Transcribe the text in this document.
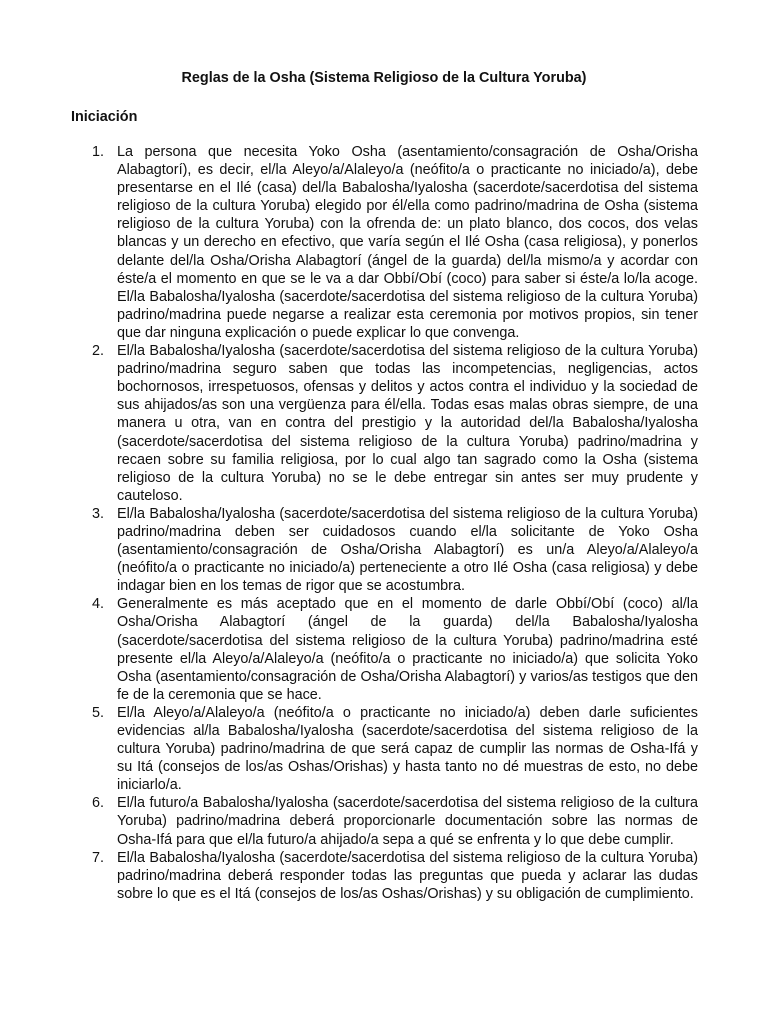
Reglas de la Osha (Sistema Religioso de la Cultura Yoruba)
Iniciación
1. La persona que necesita Yoko Osha (asentamiento/consagración de Osha/Orisha Alabagtorí), es decir, el/la Aleyo/a/Alaleyo/a (neófito/a o practicante no iniciado/a), debe presentarse en el Ilé (casa) del/la Babalosha/Iyalosha (sacerdote/sacerdotisa del sistema religioso de la cultura Yoruba) elegido por él/ella como padrino/madrina de Osha (sistema religioso de la cultura Yoruba) con la ofrenda de: un plato blanco, dos cocos, dos velas blancas y un derecho en efectivo, que varía según el Ilé Osha (casa religiosa), y ponerlos delante del/la Osha/Orisha Alabagtorí (ángel de la guarda) del/la mismo/a y acordar con éste/a el momento en que se le va a dar Obbí/Obí (coco) para saber si éste/a lo/la acoge. El/la Babalosha/Iyalosha (sacerdote/sacerdotisa del sistema religioso de la cultura Yoruba) padrino/madrina puede negarse a realizar esta ceremonia por motivos propios, sin tener que dar ninguna explicación o puede explicar lo que convenga.
2. El/la Babalosha/Iyalosha (sacerdote/sacerdotisa del sistema religioso de la cultura Yoruba) padrino/madrina seguro saben que todas las incompetencias, negligencias, actos bochornosos, irrespetuosos, ofensas y delitos y actos contra el individuo y la sociedad de sus ahijados/as son una vergüenza para él/ella. Todas esas malas obras siempre, de una manera u otra, van en contra del prestigio y la autoridad del/la Babalosha/Iyalosha (sacerdote/sacerdotisa del sistema religioso de la cultura Yoruba) padrino/madrina y recaen sobre su familia religiosa, por lo cual algo tan sagrado como la Osha (sistema religioso de la cultura Yoruba) no se le debe entregar sin antes ser muy prudente y cauteloso.
3. El/la Babalosha/Iyalosha (sacerdote/sacerdotisa del sistema religioso de la cultura Yoruba) padrino/madrina deben ser cuidadosos cuando el/la solicitante de Yoko Osha (asentamiento/consagración de Osha/Orisha Alabagtorí) es un/a Aleyo/a/Alaleyo/a (neófito/a o practicante no iniciado/a) perteneciente a otro Ilé Osha (casa religiosa) y debe indagar bien en los temas de rigor que se acostumbra.
4. Generalmente es más aceptado que en el momento de darle Obbí/Obí (coco) al/la Osha/Orisha Alabagtorí (ángel de la guarda) del/la Babalosha/Iyalosha (sacerdote/sacerdotisa del sistema religioso de la cultura Yoruba) padrino/madrina esté presente el/la Aleyo/a/Alaleyo/a (neófito/a o practicante no iniciado/a) que solicita Yoko Osha (asentamiento/consagración de Osha/Orisha Alabagtorí) y varios/as testigos que den fe de la ceremonia que se hace.
5. El/la Aleyo/a/Alaleyo/a (neófito/a o practicante no iniciado/a) deben darle suficientes evidencias al/la Babalosha/Iyalosha (sacerdote/sacerdotisa del sistema religioso de la cultura Yoruba) padrino/madrina de que será capaz de cumplir las normas de Osha-Ifá y su Itá (consejos de los/as Oshas/Orishas) y hasta tanto no dé muestras de esto, no debe iniciarlo/a.
6. El/la futuro/a Babalosha/Iyalosha (sacerdote/sacerdotisa del sistema religioso de la cultura Yoruba) padrino/madrina deberá proporcionarle documentación sobre las normas de Osha-Ifá para que el/la futuro/a ahijado/a sepa a qué se enfrenta y lo que debe cumplir.
7. El/la Babalosha/Iyalosha (sacerdote/sacerdotisa del sistema religioso de la cultura Yoruba) padrino/madrina deberá responder todas las preguntas que pueda y aclarar las dudas sobre lo que es el Itá (consejos de los/as Oshas/Orishas) y su obligación de cumplimiento.
